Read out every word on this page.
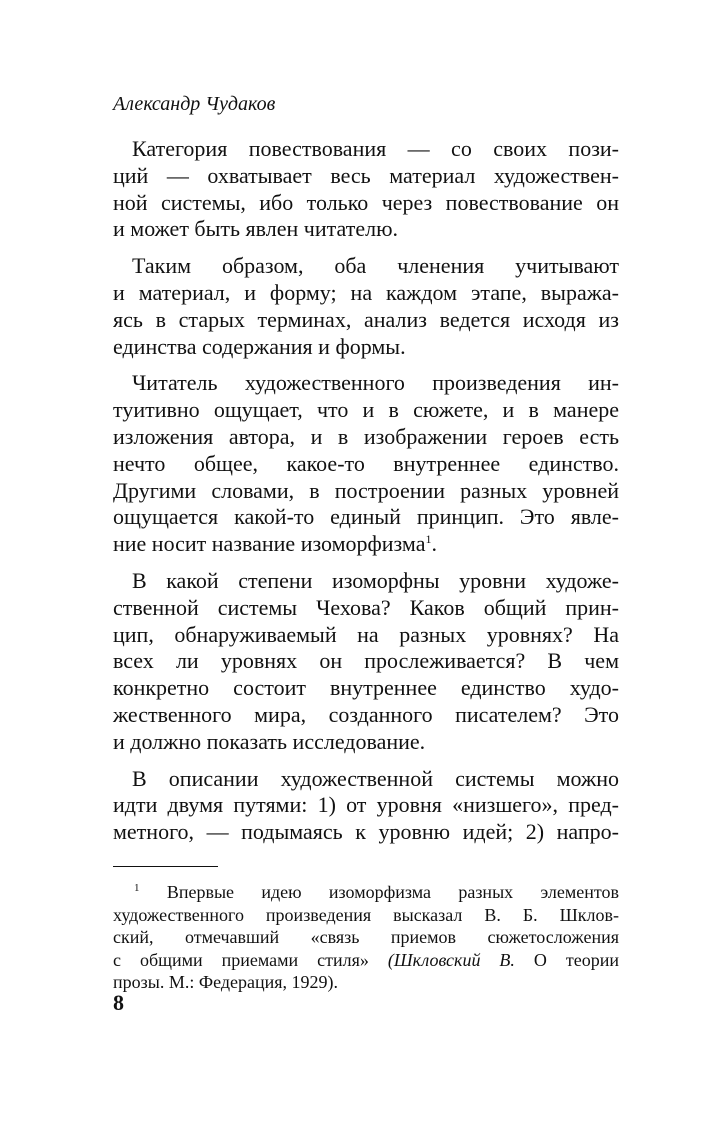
Александр Чудаков
Категория повествования — со своих пози-
ций — охватывает весь материал художествен-
ной системы, ибо только через повествование он
и может быть явлен читателю.
Таким образом, оба членения учитывают
и материал, и форму; на каждом этапе, выража-
ясь в старых терминах, анализ ведется исходя из
единства содержания и формы.
Читатель художественного произведения ин-
туитивно ощущает, что и в сюжете, и в манере
изложения автора, и в изображении героев есть
нечто общее, какое-то внутреннее единство.
Другими словами, в построении разных уровней
ощущается какой-то единый принцип. Это явле-
ние носит название изоморфизма$^1$.
В какой степени изоморфны уровни художе-
ственной системы Чехова? Каков общий прин-
цип, обнаруживаемый на разных уровнях? На
всех ли уровнях он прослеживается? В чем
конкретно состоит внутреннее единство худо-
жественного мира, созданного писателем? Это
и должно показать исследование.
В описании художественной системы можно
идти двумя путями: 1) от уровня «низшего», пред-
метного, — подымаясь к уровню идей; 2) напро-
$^1$ Впервые идею изоморфизма разных элементов
художественного произведения высказал В. Б. Шклов-
ский, отмечавший «связь приемов сюжетосложения
с общими приемами стиля» (Шкловский В. О теории
прозы. М.: Федерация, 1929).
8
